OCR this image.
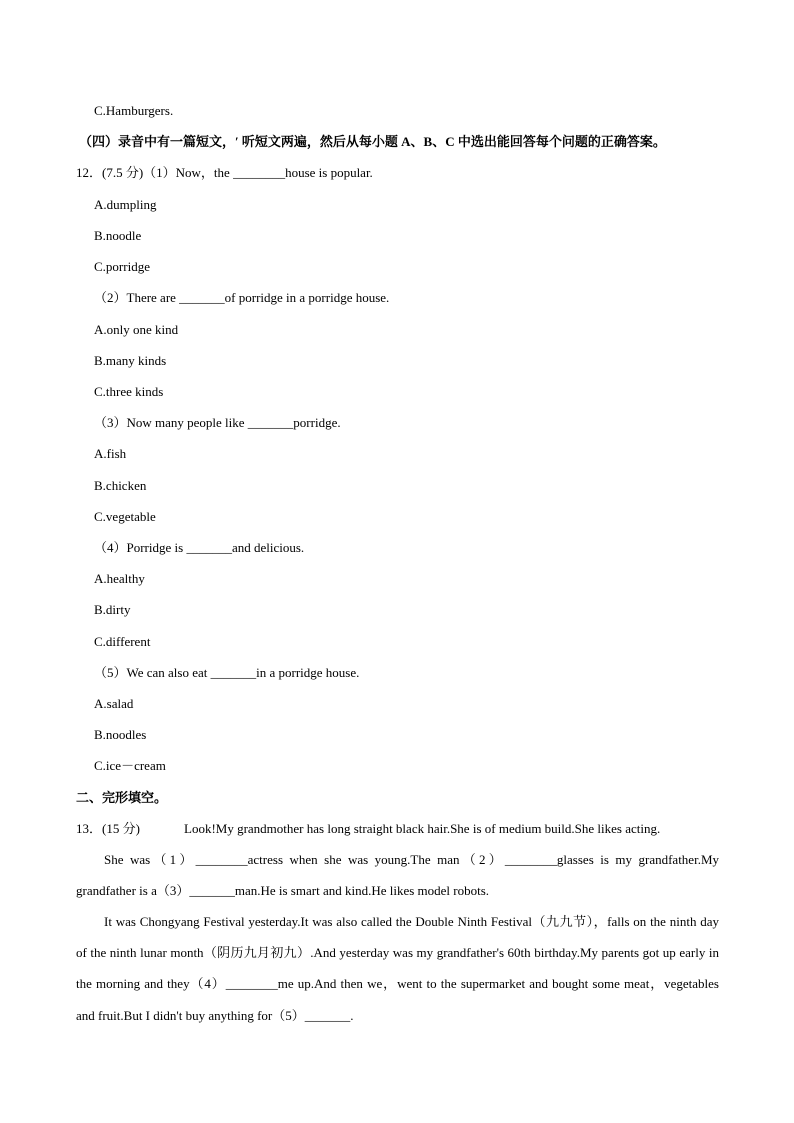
C.Hamburgers.
（四）录音中有一篇短文，′ 听短文两遍，然后从每小题 A、B、C 中选出能回答每个问题的正确答案。
12．(7.5 分)（1）Now，the ________house is popular.
A.dumpling
B.noodle
C.porridge
（2）There are _______of porridge in a porridge house.
A.only one kind
B.many kinds
C.three kinds
（3）Now many people like _______porridge.
A.fish
B.chicken
C.vegetable
（4）Porridge is _______and delicious.
A.healthy
B.dirty
C.different
（5）We can also eat _______in a porridge house.
A.salad
B.noodles
C.ice－cream
二、完形填空。
13．(15 分)	Look!My grandmother has long straight black hair.She is of medium build.She likes acting.
She was（1）________actress when she was young.The man（2）________glasses is my grandfather.My grandfather is a（3）_______man.He is smart and kind.He likes model robots.
It was Chongyang Festival yesterday.It was also called the Double Ninth Festival（九九节），falls on the ninth day of the ninth lunar month（阴历九月初九）.And yesterday was my grandfather's 60th birthday.My parents got up early in the morning and they（4）________me up.And then we，went to the supermarket and bought some meat，vegetables and fruit.But I didn't buy anything for（5）_______.
